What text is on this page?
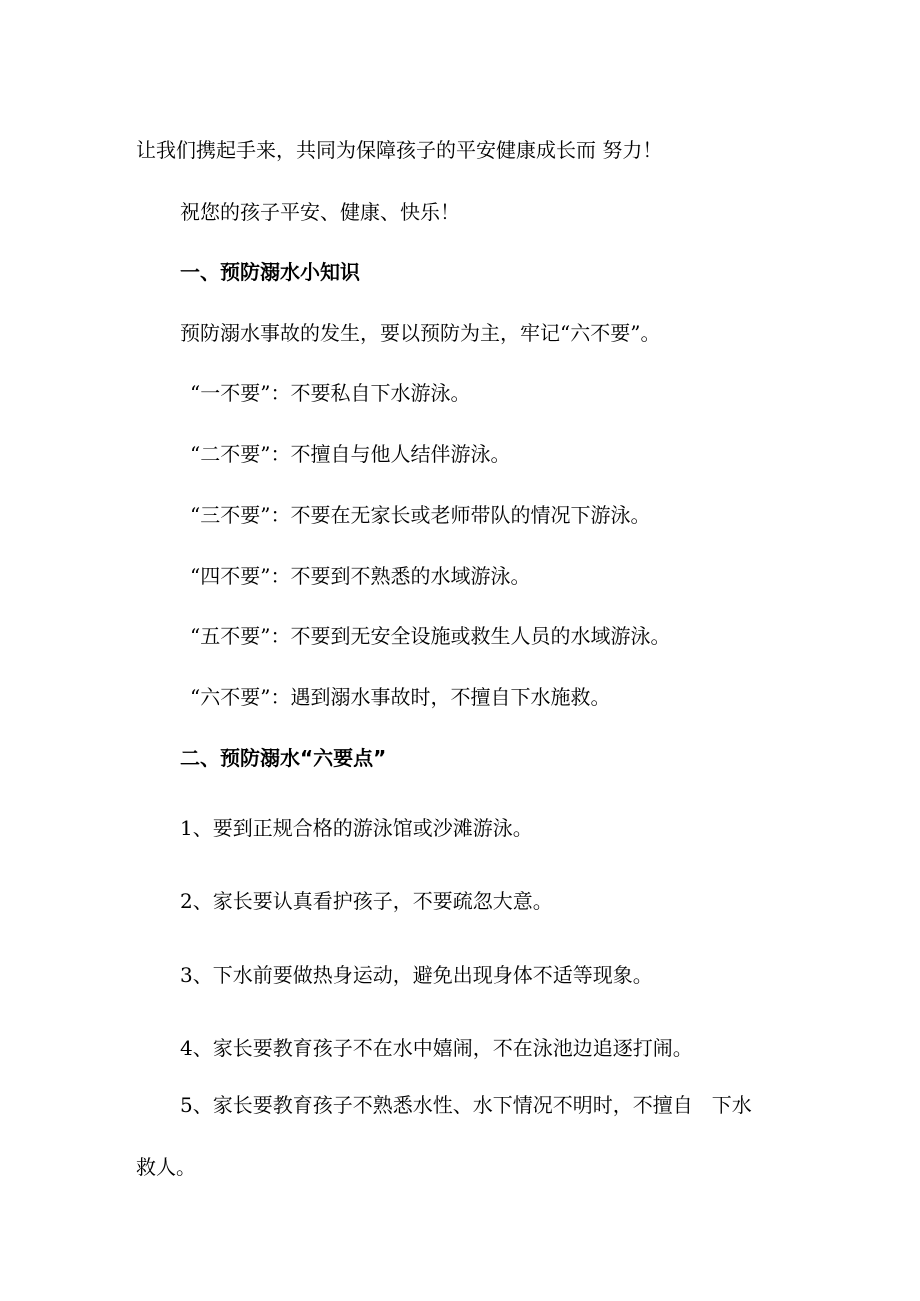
让我们携起手来，共同为保障孩子的平安健康成长而 努力！
祝您的孩子平安、健康、快乐！
一、预防溺水小知识
预防溺水事故的发生，要以预防为主，牢记“六不要”。
“一不要”：不要私自下水游泳。
“二不要”：不擅自与他人结伴游泳。
“三不要”：不要在无家长或老师带队的情况下游泳。
“四不要”：不要到不熟悉的水域游泳。
“五不要”：不要到无安全设施或救生人员的水域游泳。
“六不要”：遇到溺水事故时，不擅自下水施救。
二、预防溺水“六要点”
1、要到正规合格的游泳馆或沙滩游泳。
2、家长要认真看护孩子，不要疏忽大意。
3、下水前要做热身运动，避免出现身体不适等现象。
4、家长要教育孩子不在水中嬉闹，不在泳池边追逐打闹。
5、家长要教育孩子不熟悉水性、水下情况不明时，不擅自   下水
救人。
